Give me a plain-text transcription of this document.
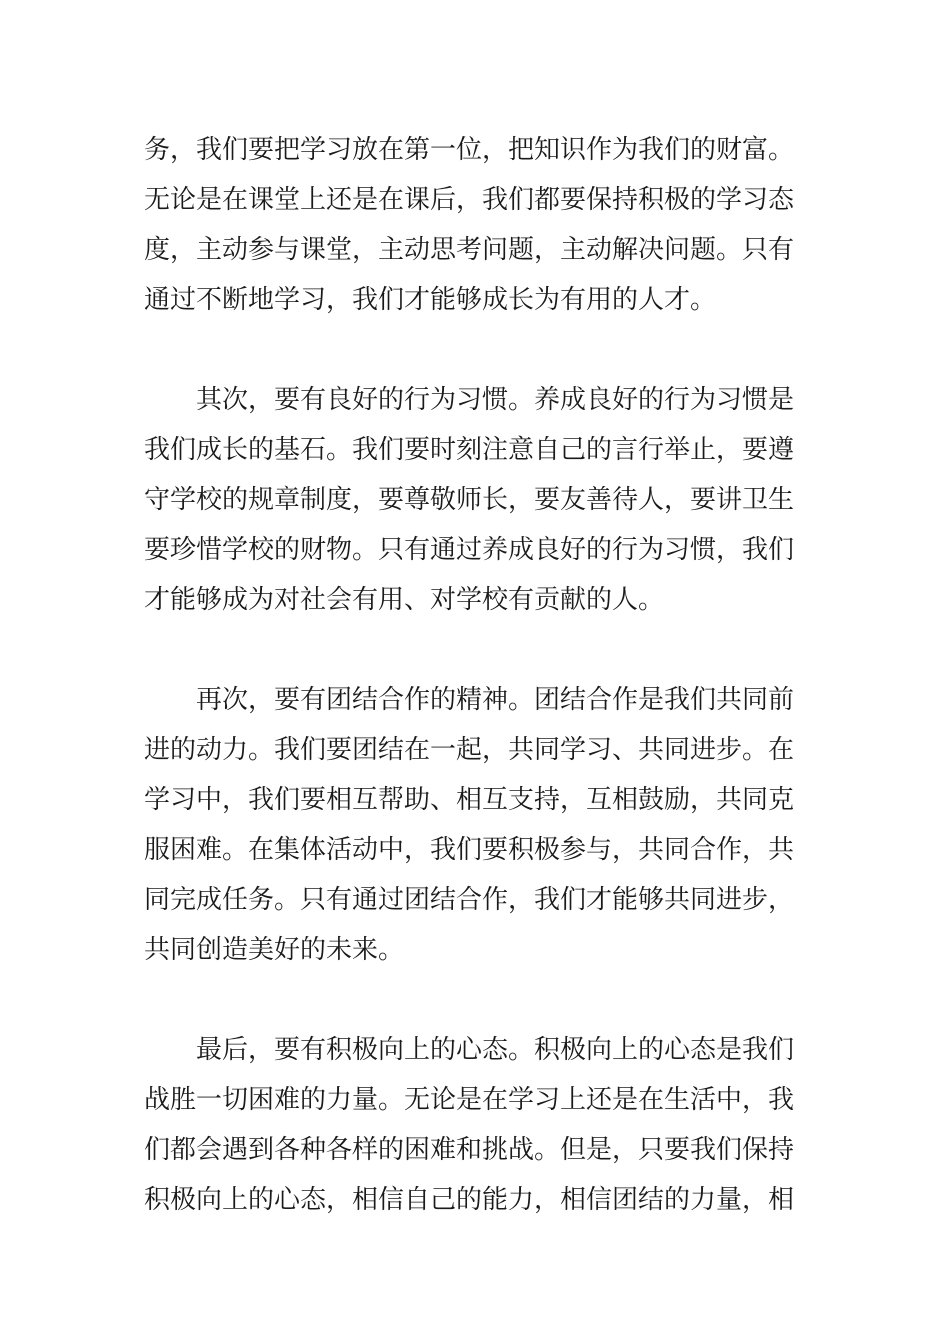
务，我们要把学习放在第一位，把知识作为我们的财富。
无论是在课堂上还是在课后，我们都要保持积极的学习态
度，主动参与课堂，主动思考问题，主动解决问题。只有
通过不断地学习，我们才能够成长为有用的人才。
其次，要有良好的行为习惯。养成良好的行为习惯是
我们成长的基石。我们要时刻注意自己的言行举止，要遵
守学校的规章制度，要尊敬师长，要友善待人，要讲卫生
要珍惜学校的财物。只有通过养成良好的行为习惯，我们
才能够成为对社会有用、对学校有贡献的人。
再次，要有团结合作的精神。团结合作是我们共同前
进的动力。我们要团结在一起，共同学习、共同进步。在
学习中，我们要相互帮助、相互支持，互相鼓励，共同克
服困难。在集体活动中，我们要积极参与，共同合作，共
同完成任务。只有通过团结合作，我们才能够共同进步，
共同创造美好的未来。
最后，要有积极向上的心态。积极向上的心态是我们
战胜一切困难的力量。无论是在学习上还是在生活中，我
们都会遇到各种各样的困难和挑战。但是，只要我们保持
积极向上的心态，相信自己的能力，相信团结的力量，相
